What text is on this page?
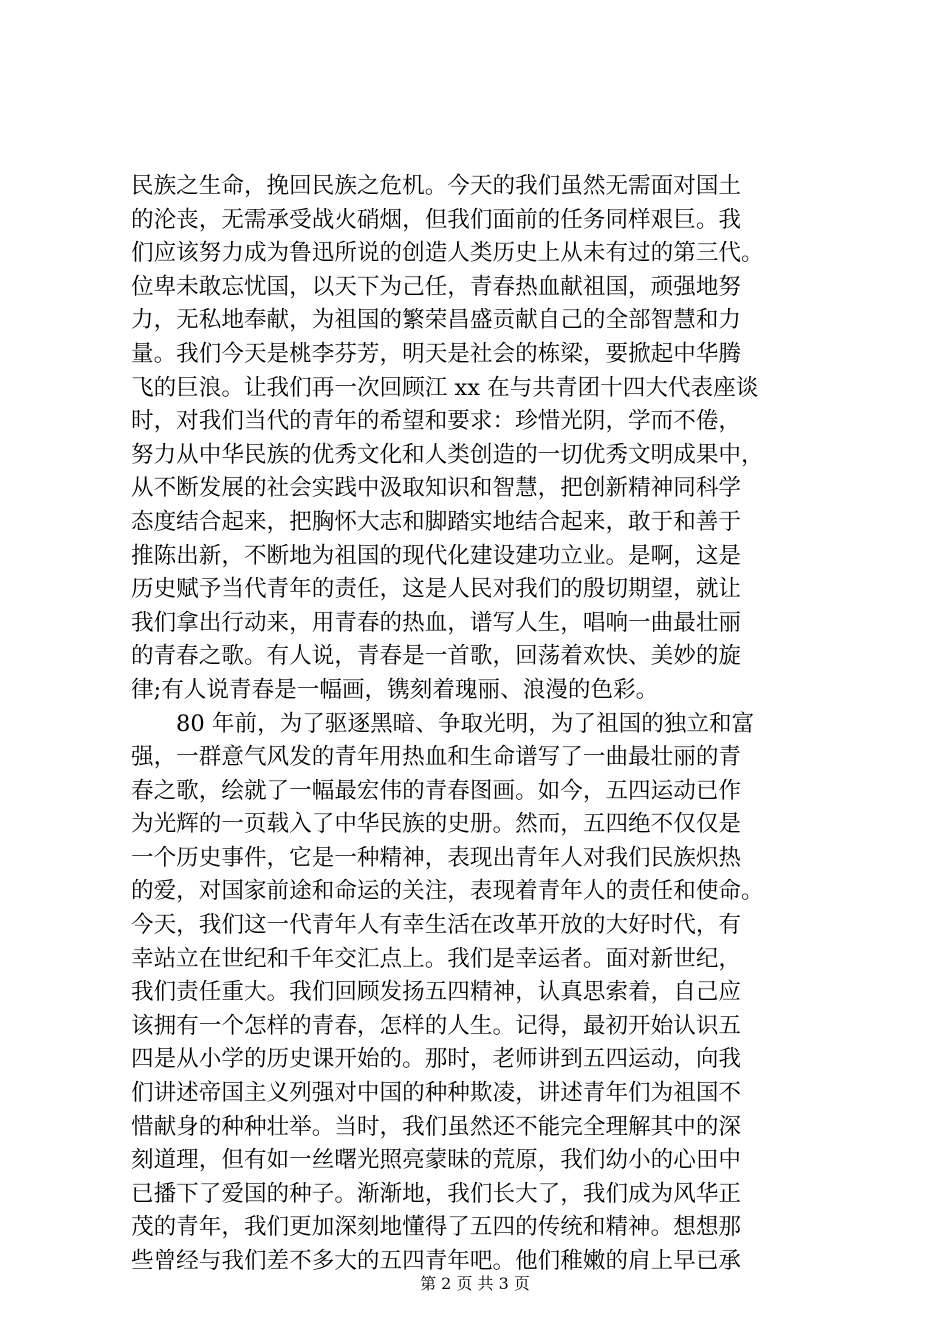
民族之生命，挽回民族之危机。今天的我们虽然无需面对国土
的沦丧，无需承受战火硝烟，但我们面前的任务同样艰巨。我
们应该努力成为鲁迅所说的创造人类历史上从未有过的第三代。
位卑未敢忘忧国，以天下为己任，青春热血献祖国，顽强地努
力，无私地奉献，为祖国的繁荣昌盛贡献自己的全部智慧和力
量。我们今天是桃李芬芳，明天是社会的栋梁，要掀起中华腾
飞的巨浪。让我们再一次回顾江 xx 在与共青团十四大代表座谈
时，对我们当代的青年的希望和要求：珍惜光阴，学而不倦，
努力从中华民族的优秀文化和人类创造的一切优秀文明成果中，
从不断发展的社会实践中汲取知识和智慧，把创新精神同科学
态度结合起来，把胸怀大志和脚踏实地结合起来，敢于和善于
推陈出新，不断地为祖国的现代化建设建功立业。是啊，这是
历史赋予当代青年的责任，这是人民对我们的殷切期望，就让
我们拿出行动来，用青春的热血，谱写人生，唱响一曲最壮丽
的青春之歌。有人说，青春是一首歌，回荡着欢快、美妙的旋
律;有人说青春是一幅画，镌刻着瑰丽、浪漫的色彩。
80 年前，为了驱逐黑暗、争取光明，为了祖国的独立和富
强，一群意气风发的青年用热血和生命谱写了一曲最壮丽的青
春之歌，绘就了一幅最宏伟的青春图画。如今，五四运动已作
为光辉的一页载入了中华民族的史册。然而，五四绝不仅仅是
一个历史事件，它是一种精神，表现出青年人对我们民族炽热
的爱，对国家前途和命运的关注，表现着青年人的责任和使命。
今天，我们这一代青年人有幸生活在改革开放的大好时代，有
幸站立在世纪和千年交汇点上。我们是幸运者。面对新世纪，
我们责任重大。我们回顾发扬五四精神，认真思索着，自己应
该拥有一个怎样的青春，怎样的人生。记得，最初开始认识五
四是从小学的历史课开始的。那时，老师讲到五四运动，向我
们讲述帝国主义列强对中国的种种欺凌，讲述青年们为祖国不
惜献身的种种壮举。当时，我们虽然还不能完全理解其中的深
刻道理，但有如一丝曙光照亮蒙昧的荒原，我们幼小的心田中
已播下了爱国的种子。渐渐地，我们长大了，我们成为风华正
茂的青年，我们更加深刻地懂得了五四的传统和精神。想想那
些曾经与我们差不多大的五四青年吧。他们稚嫩的肩上早已承
第 2 页 共 3 页
